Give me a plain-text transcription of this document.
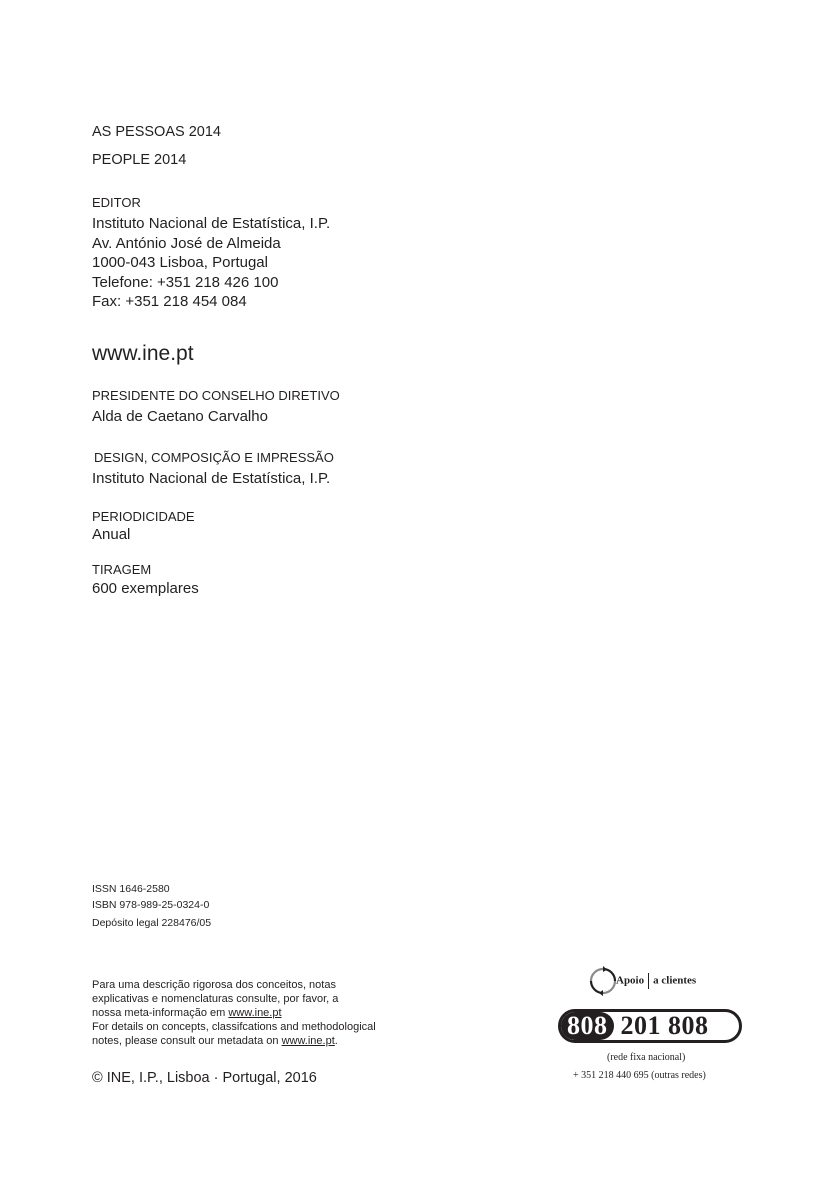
AS PESSOAS 2014
PEOPLE 2014
EDITOR
Instituto Nacional de Estatística, I.P.
Av. António José de Almeida
1000-043 Lisboa, Portugal
Telefone: +351 218 426 100
Fax: +351 218 454 084
www.ine.pt
PRESIDENTE DO CONSELHO DIRETIVO
Alda de Caetano Carvalho
DESIGN, COMPOSIÇÃO E IMPRESSÃO
Instituto Nacional de Estatística, I.P.
PERIODICIDADE
Anual
TIRAGEM
600 exemplares
ISSN 1646-2580
ISBN 978-989-25-0324-0
Depósito legal 228476/05
Para uma descrição rigorosa dos conceitos, notas
explicativas e nomenclaturas consulte, por favor, a
nossa meta-informação em www.ine.pt
For details on concepts, classifcations and methodological
notes, please consult our metadata on www.ine.pt.
© INE, I.P., Lisboa · Portugal, 2016
Apoio a clientes
808 201 808
(rede fixa nacional)
+ 351 218 440 695 (outras redes)
